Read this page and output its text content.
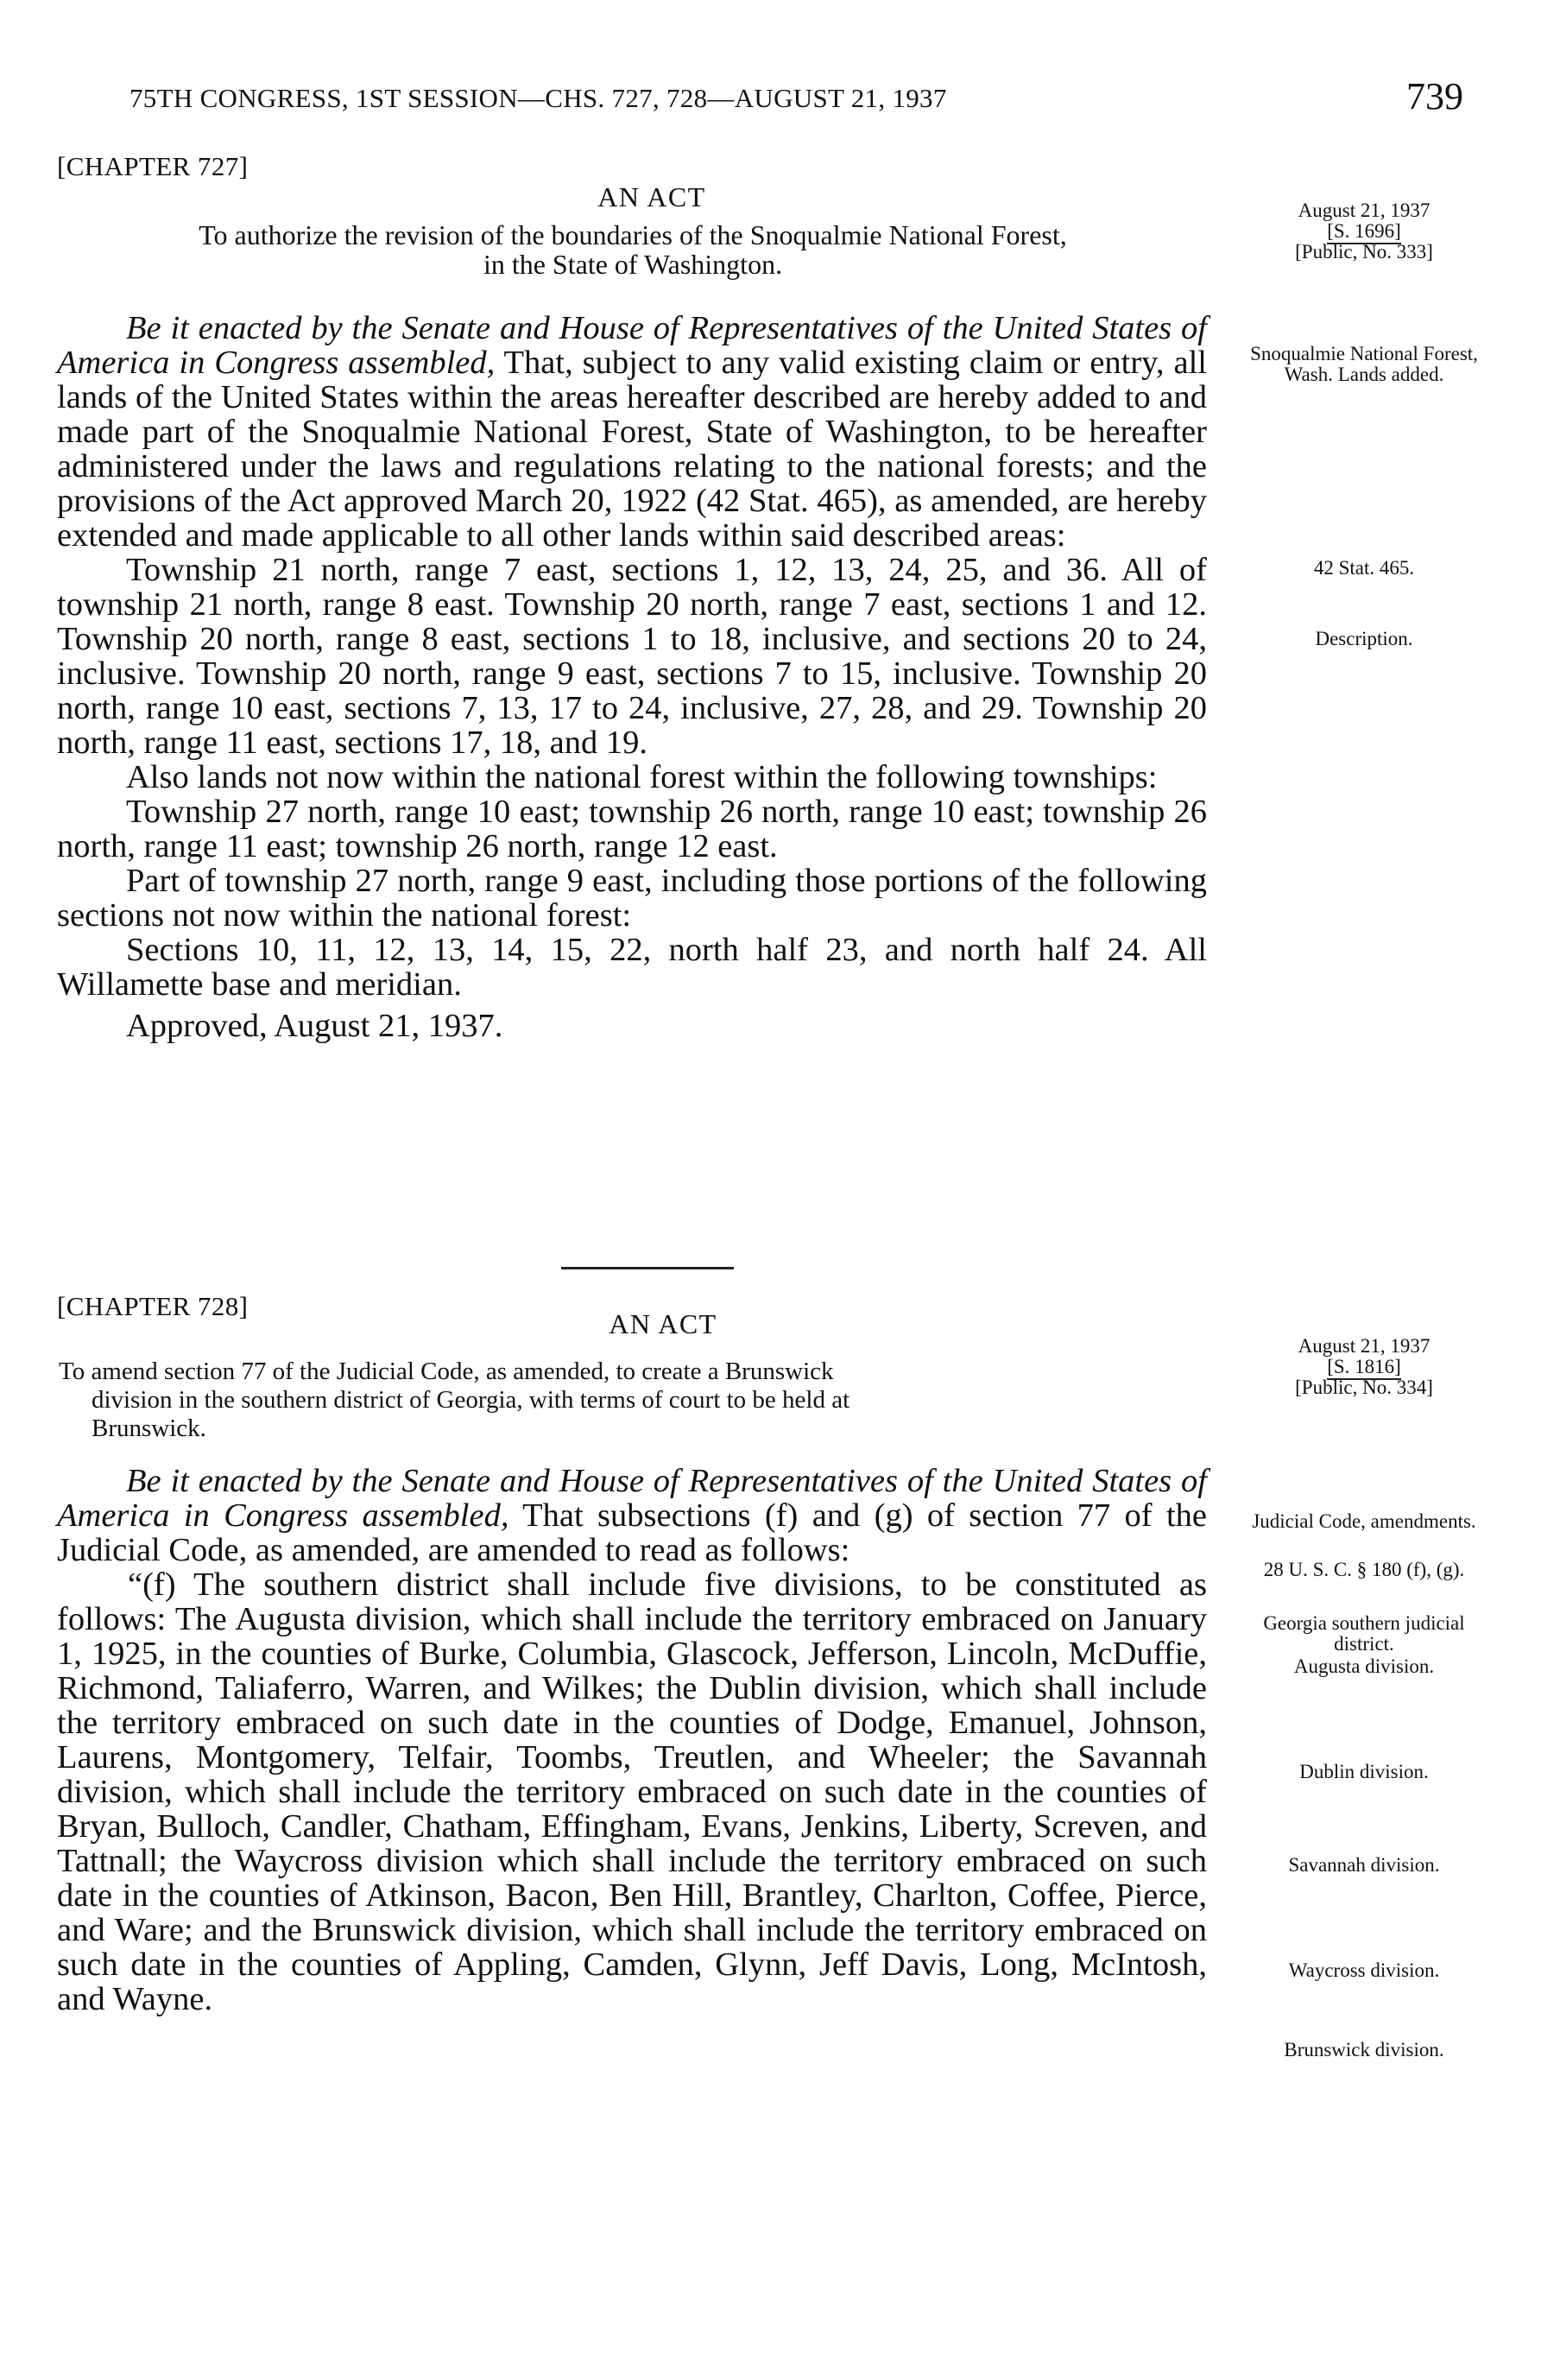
75TH CONGRESS, 1ST SESSION—CHS. 727, 728—AUGUST 21, 1937	739
[CHAPTER 727]
AN ACT
To authorize the revision of the boundaries of the Snoqualmie National Forest,
in the State of Washington.
August 21, 1937
[S. 1696]
[Public, No. 333]

Be it enacted by the Senate and House of Representatives of the United States of America in Congress assembled, That, subject to any valid existing claim or entry, all lands of the United States within the areas hereafter described are hereby added to and made part of the Snoqualmie National Forest, State of Washington, to be hereafter administered under the laws and regulations relating to the national forests; and the provisions of the Act approved March 20, 1922 (42 Stat. 465), as amended, are hereby extended and made applicable to all other lands within said described areas:

Township 21 north, range 7 east, sections 1, 12, 13, 24, 25, and 36. All of township 21 north, range 8 east. Township 20 north, range 7 east, sections 1 and 12. Township 20 north, range 8 east, sections 1 to 18, inclusive, and sections 20 to 24, inclusive. Township 20 north, range 9 east, sections 7 to 15, inclusive. Township 20 north, range 10 east, sections 7, 13, 17 to 24, inclusive, 27, 28, and 29. Township 20 north, range 11 east, sections 17, 18, and 19.

Also lands not now within the national forest within the following townships:

Township 27 north, range 10 east; township 26 north, range 10 east; township 26 north, range 11 east; township 26 north, range 12 east.

Part of township 27 north, range 9 east, including those portions of the following sections not now within the national forest:

Sections 10, 11, 12, 13, 14, 15, 22, north half 23, and north half 24. All Willamette base and meridian.

Approved, August 21, 1937.

Snoqualmie National Forest, Wash. Lands added.
42 Stat. 465.
Description.
[CHAPTER 728]
AN ACT
To amend section 77 of the Judicial Code, as amended, to create a Brunswick
division in the southern district of Georgia, with terms of court to be held at
Brunswick.
August 21, 1937
[S. 1816]
[Public, No. 334]

Be it enacted by the Senate and House of Representatives of the United States of America in Congress assembled, That subsections (f) and (g) of section 77 of the Judicial Code, as amended, are amended to read as follows:

“(f) The southern district shall include five divisions, to be constituted as follows: The Augusta division, which shall include the territory embraced on January 1, 1925, in the counties of Burke, Columbia, Glascock, Jefferson, Lincoln, McDuffie, Richmond, Taliaferro, Warren, and Wilkes; the Dublin division, which shall include the territory embraced on such date in the counties of Dodge, Emanuel, Johnson, Laurens, Montgomery, Telfair, Toombs, Treutlen, and Wheeler; the Savannah division, which shall include the territory embraced on such date in the counties of Bryan, Bulloch, Candler, Chatham, Effingham, Evans, Jenkins, Liberty, Screven, and Tattnall; the Waycross division which shall include the territory embraced on such date in the counties of Atkinson, Bacon, Ben Hill, Brantley, Charlton, Coffee, Pierce, and Ware; and the Brunswick division, which shall include the territory embraced on such date in the counties of Appling, Camden, Glynn, Jeff Davis, Long, McIntosh, and Wayne.

Judicial Code, amendments.
28 U. S. C. § 180 (f), (g).
Georgia southern judicial district.
Augusta division.
Dublin division.
Savannah division.
Waycross division.
Brunswick division.
